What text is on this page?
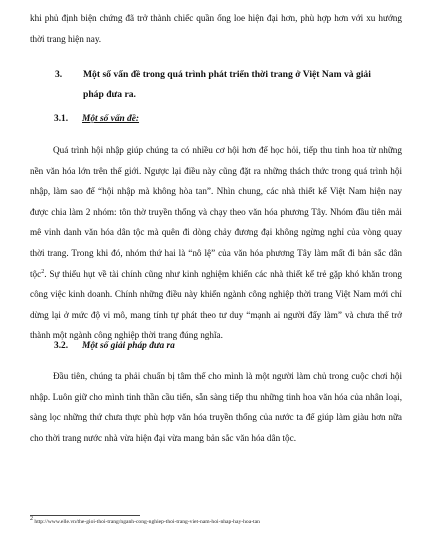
khi phủ định biện chứng đã trở thành chiếc quần ống loe hiện đại hơn, phù hợp hơn với xu hướng thời trang hiện nay.

3. Một số vấn đề trong quá trình phát triển thời trang ở Việt Nam và giải
pháp đưa ra.
3.1. Một số vấn đề:

Quá trình hội nhập giúp chúng ta có nhiều cơ hội hơn để học hỏi, tiếp thu tinh hoa từ những nền văn hóa lớn trên thế giới. Ngược lại điều này cũng đặt ra những thách thức trong quá trình hội nhập, làm sao để “hội nhập mà không hòa tan”. Nhìn chung, các nhà thiết kế Việt Nam hiện nay được chia làm 2 nhóm: tôn thờ truyền thống và chạy theo văn hóa phương Tây. Nhóm đầu tiên mải mê vinh danh văn hóa dân tộc mà quên đi dòng chảy đương đại không ngừng nghỉ của vòng quay thời trang. Trong khi đó, nhóm thứ hai là “nô lệ” của văn hóa phương Tây làm mất đi bản sắc dân tộc$^2$. Sự thiếu hụt về tài chính cũng như kinh nghiệm khiến các nhà thiết kế trẻ gặp khó khăn trong công việc kinh doanh. Chính những điều này khiến ngành công nghiệp thời trang Việt Nam mới chỉ dừng lại ở mức độ vi mô, mang tính tự phát theo tư duy “mạnh ai người đấy làm” và chưa thể trở thành một ngành công nghiệp thời trang đúng nghĩa.

3.2. Một số giải pháp đưa ra

Đầu tiên, chúng ta phải chuẩn bị tâm thế cho mình là một người làm chủ trong cuộc chơi hội nhập. Luôn giữ cho mình tinh thần cầu tiến, sẵn sàng tiếp thu những tinh hoa văn hóa của nhân loại, sàng lọc những thứ chưa thực phù hợp văn hóa truyền thống của nước ta để giúp làm giàu hơn nữa cho thời trang nước nhà vừa hiện đại vừa mang bản sắc văn hóa dân tộc.

$^2$ http://www.elle.vn/the-gioi-thoi-trang/nganh-cong-nghiep-thoi-trang-viet-nam-hoi-nhap-hay-hoa-tan
